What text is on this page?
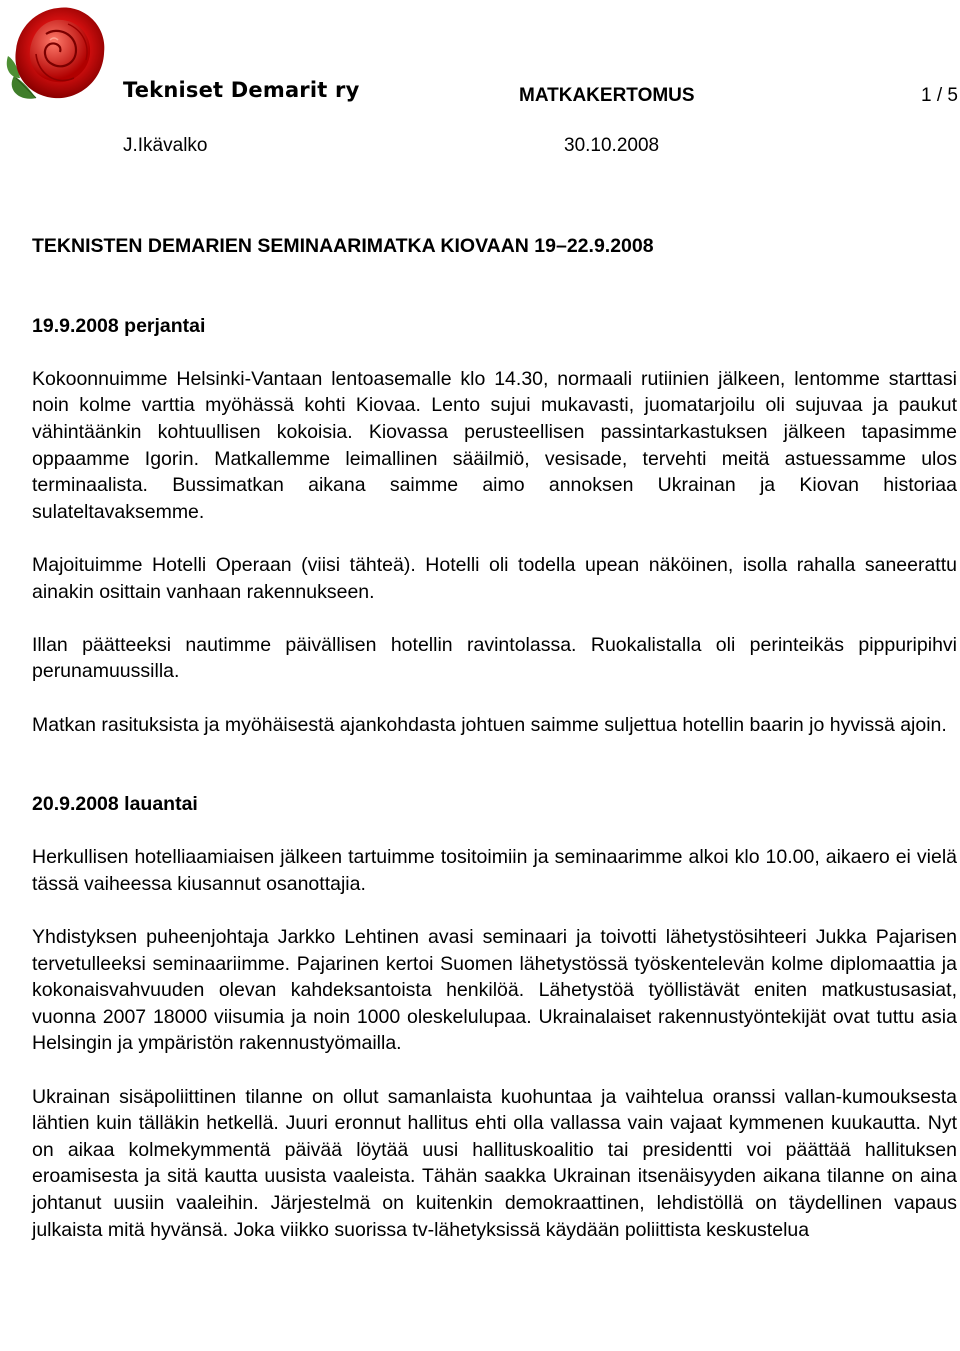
Tekniset Demarit ry	MATKAKERTOMUS	1 / 5
J.Ikävalko	30.10.2008
TEKNISTEN DEMARIEN SEMINAARIMATKA KIOVAAN 19–22.9.2008
19.9.2008 perjantai

Kokoonnuimme Helsinki-Vantaan lentoasemalle klo 14.30, normaali rutiinien jälkeen, lentomme starttasi noin kolme varttia myöhässä kohti Kiovaa. Lento sujui mukavasti, juomatarjoilu oli sujuvaa ja paukut vähintäänkin kohtuullisen kokoisia. Kiovassa perusteellisen passintarkastuksen jälkeen tapasimme oppaamme Igorin. Matkallemme leimallinen sääilmiö, vesisade, tervehti meitä astuessamme ulos terminaalista. Bussimatkan aikana saimme aimo annoksen Ukrainan ja Kiovan historiaa sulateltavaksemme.

Majoituimme Hotelli Operaan (viisi tähteä). Hotelli oli todella upean näköinen, isolla rahalla saneerattu ainakin osittain vanhaan rakennukseen.

Illan päätteeksi nautimme päivällisen hotellin ravintolassa. Ruokalistalla oli perinteikäs pippuripihvi perunamuussilla.

Matkan rasituksista ja myöhäisestä ajankohdasta johtuen saimme suljettua hotellin baarin jo hyvissä ajoin.

20.9.2008 lauantai

Herkullisen hotelliaamiaisen jälkeen tartuimme tositoimiin ja seminaarimme alkoi klo 10.00, aikaero ei vielä tässä vaiheessa kiusannut osanottajia.

Yhdistyksen puheenjohtaja Jarkko Lehtinen avasi seminaari ja toivotti lähetystösihteeri Jukka Pajarisen tervetulleeksi seminaariimme. Pajarinen kertoi Suomen lähetystössä työskentelevän kolme diplomaattia ja kokonaisvahvuuden olevan kahdeksantoista henkilöä. Lähetystöä työllistävät eniten matkustusasiat, vuonna 2007 18000 viisumia ja noin 1000 oleskelulupaa. Ukrainalaiset rakennustyöntekijät ovat tuttu asia Helsingin ja ympäristön rakennustyömailla.

Ukrainan sisäpoliittinen tilanne on ollut samanlaista kuohuntaa ja vaihtelua oranssi vallan-kumouksesta lähtien kuin tälläkin hetkellä. Juuri eronnut hallitus ehti olla vallassa vain vajaat kymmenen kuukautta. Nyt on aikaa kolmekymmentä päivää löytää uusi hallituskoalitio tai presidentti voi päättää hallituksen eroamisesta ja sitä kautta uusista vaaleista. Tähän saakka Ukrainan itsenäisyyden aikana tilanne on aina johtanut uusiin vaaleihin. Järjestelmä on kuitenkin demokraattinen, lehdistöllä on täydellinen vapaus julkaista mitä hyvänsä. Joka viikko suorissa tv-lähetyksissä käydään poliittista keskustelua
